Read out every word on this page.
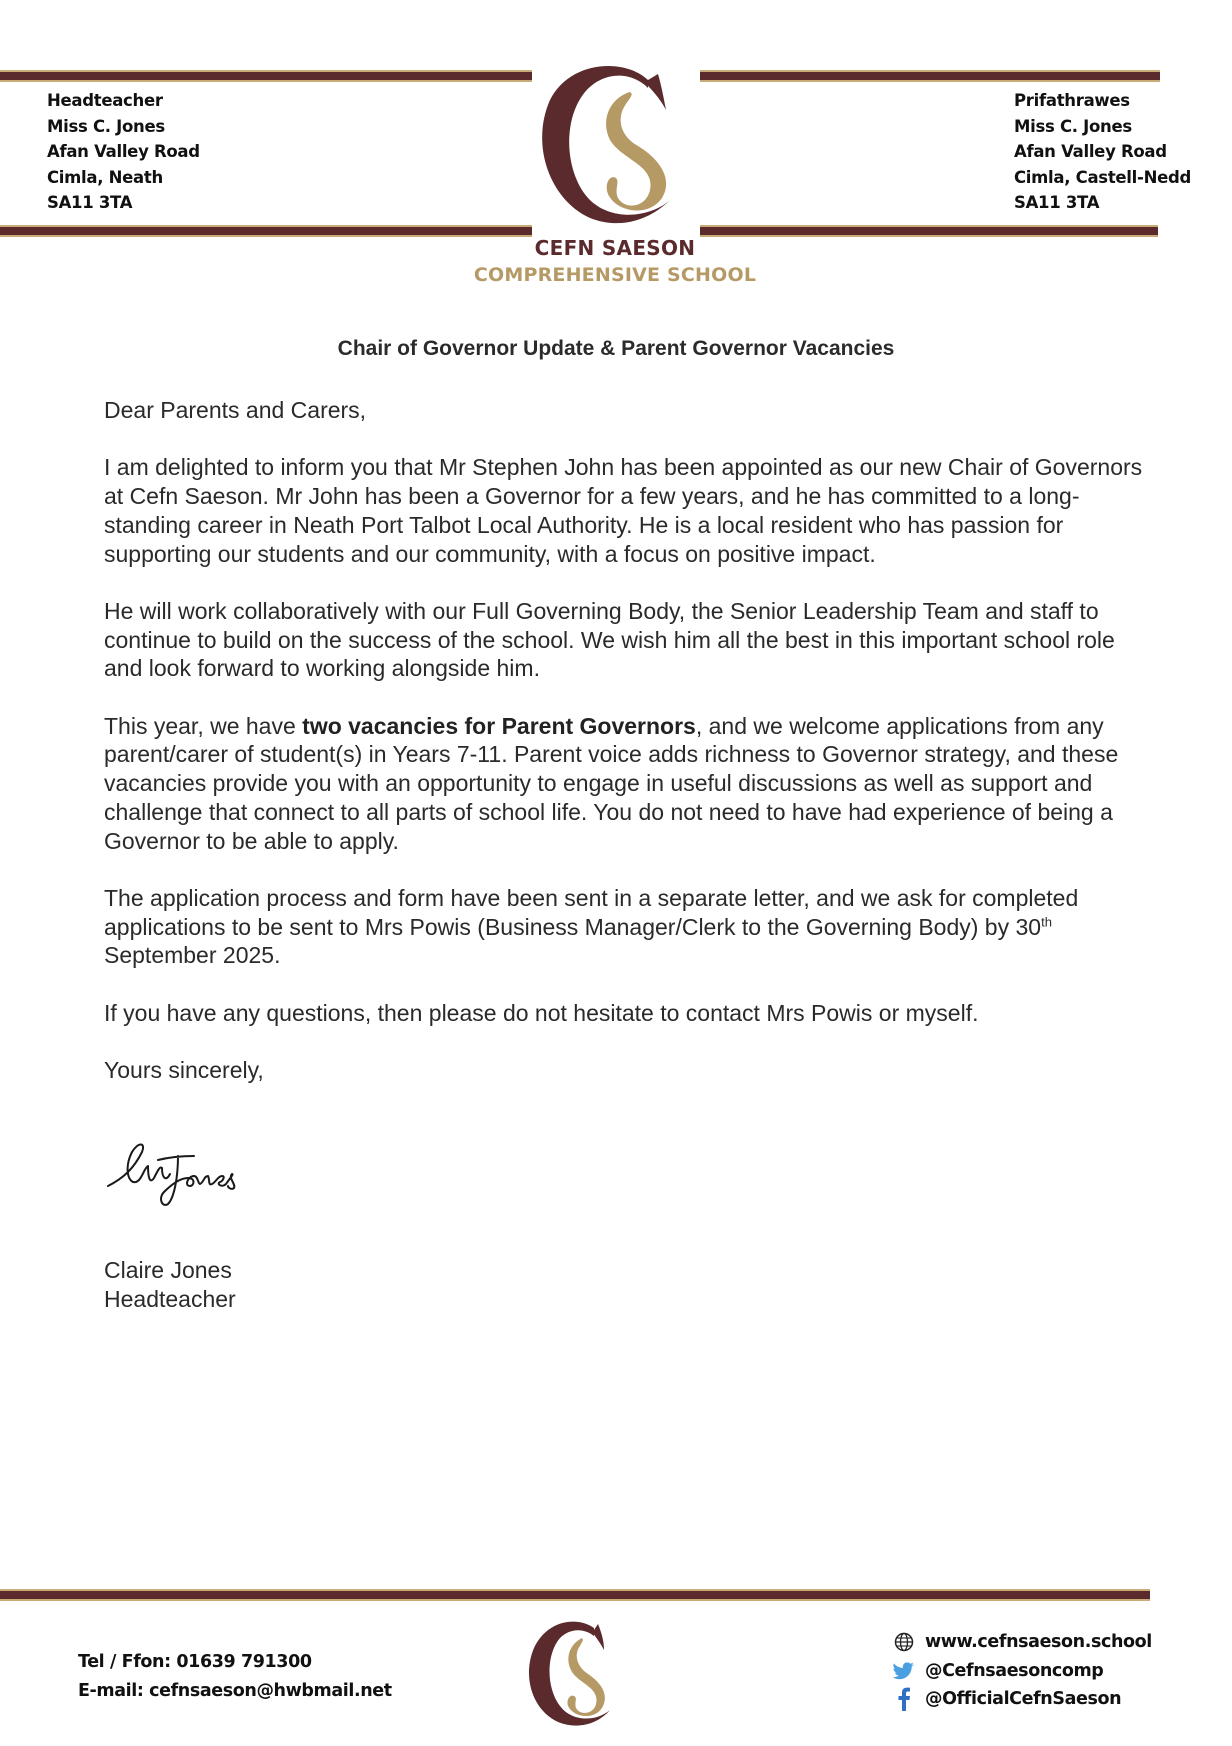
Headteacher
Miss C. Jones
Afan Valley Road
Cimla, Neath
SA11 3TA
Prifathrawes
Miss C. Jones
Afan Valley Road
Cimla, Castell-Nedd
SA11 3TA
CEFN SAESON
COMPREHENSIVE SCHOOL
Chair of Governor Update & Parent Governor Vacancies

Dear Parents and Carers,

I am delighted to inform you that Mr Stephen John has been appointed as our new Chair of Governors at Cefn Saeson. Mr John has been a Governor for a few years, and he has committed to a long-standing career in Neath Port Talbot Local Authority. He is a local resident who has passion for supporting our students and our community, with a focus on positive impact.

He will work collaboratively with our Full Governing Body, the Senior Leadership Team and staff to continue to build on the success of the school. We wish him all the best in this important school role and look forward to working alongside him.

This year, we have two vacancies for Parent Governors, and we welcome applications from any parent/carer of student(s) in Years 7-11. Parent voice adds richness to Governor strategy, and these vacancies provide you with an opportunity to engage in useful discussions as well as support and challenge that connect to all parts of school life. You do not need to have had experience of being a Governor to be able to apply.

The application process and form have been sent in a separate letter, and we ask for completed applications to be sent to Mrs Powis (Business Manager/Clerk to the Governing Body) by 30th September 2025.

If you have any questions, then please do not hesitate to contact Mrs Powis or myself.

Yours sincerely,

Claire Jones
Headteacher
Tel / Ffon: 01639 791300
E-mail: cefnsaeson@hwbmail.net
www.cefnsaeson.school
@Cefnsaesoncomp
@OfficialCefnSaeson
